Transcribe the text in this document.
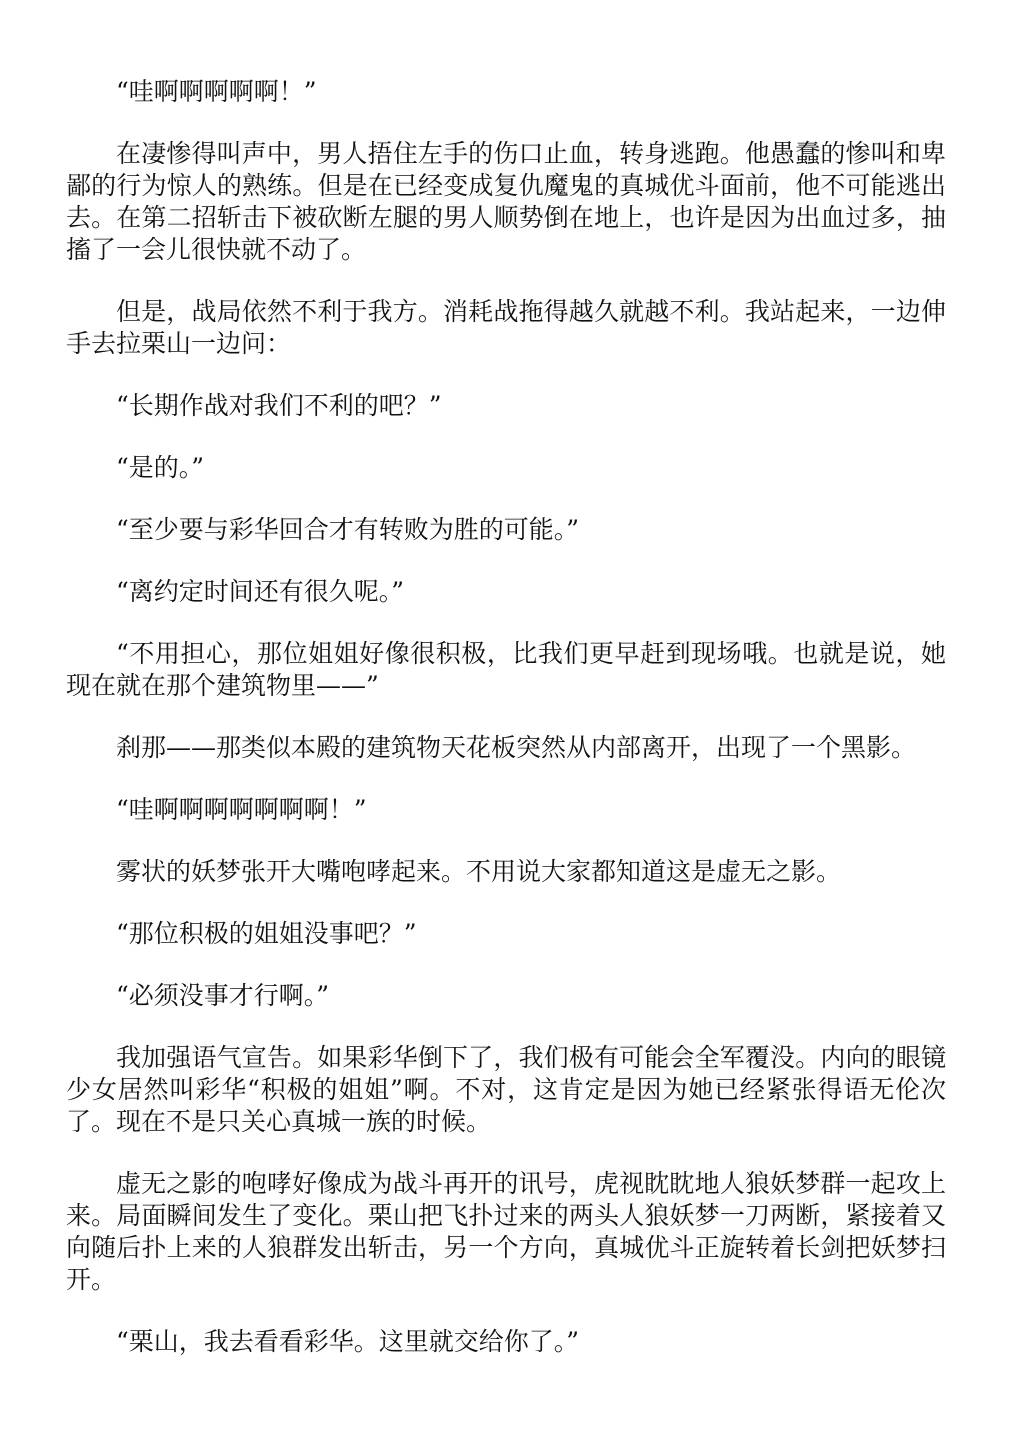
“哇啊啊啊啊啊！”

在凄惨得叫声中，男人捂住左手的伤口止血，转身逃跑。他愚蠢的惨叫和卑鄙的行为惊人的熟练。但是在已经变成复仇魔鬼的真城优斗面前，他不可能逃出去。在第二招斩击下被砍断左腿的男人顺势倒在地上，也许是因为出血过多，抽搐了一会儿很快就不动了。

但是，战局依然不利于我方。消耗战拖得越久就越不利。我站起来，一边伸手去拉栗山一边问：

“长期作战对我们不利的吧？”

“是的。”

“至少要与彩华回合才有转败为胜的可能。”

“离约定时间还有很久呢。”

“不用担心，那位姐姐好像很积极，比我们更早赶到现场哦。也就是说，她现在就在那个建筑物里——”

刹那——那类似本殿的建筑物天花板突然从内部离开，出现了一个黑影。

“哇啊啊啊啊啊啊啊！”

雾状的妖梦张开大嘴咆哮起来。不用说大家都知道这是虚无之影。

“那位积极的姐姐没事吧？”

“必须没事才行啊。”

我加强语气宣告。如果彩华倒下了，我们极有可能会全军覆没。内向的眼镜少女居然叫彩华“积极的姐姐”啊。不对，这肯定是因为她已经紧张得语无伦次了。现在不是只关心真城一族的时候。

虚无之影的咆哮好像成为战斗再开的讯号，虎视眈眈地人狼妖梦群一起攻上来。局面瞬间发生了变化。栗山把飞扑过来的两头人狼妖梦一刀两断，紧接着又向随后扑上来的人狼群发出斩击，另一个方向，真城优斗正旋转着长剑把妖梦扫开。

“栗山，我去看看彩华。这里就交给你了。”
